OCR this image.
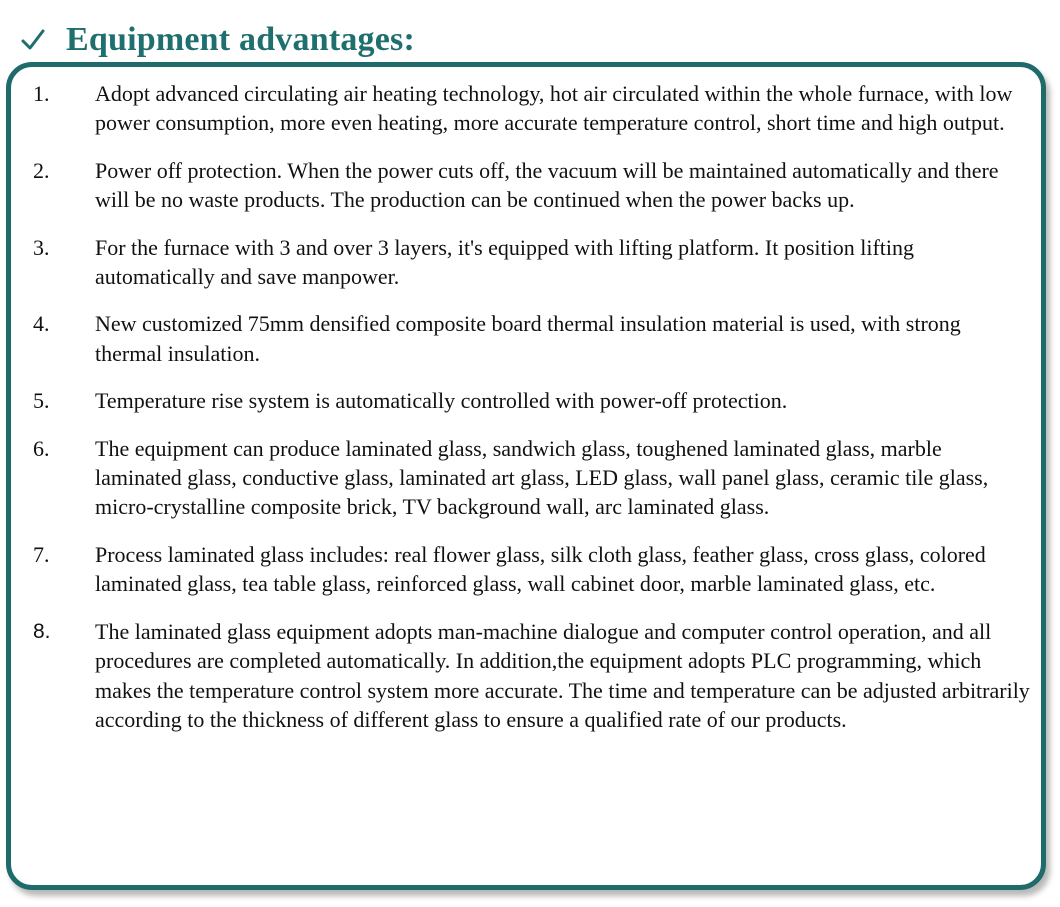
Equipment advantages:
1.	Adopt advanced circulating air heating technology, hot air circulated within the whole furnace, with low power consumption, more even heating, more accurate temperature control, short time and high output.
2.	Power off protection. When the power cuts off, the vacuum will be maintained automatically and there will be no waste products. The production can be continued when the power backs up.
3.	For the furnace with 3 and over 3 layers, it's equipped with lifting platform. It position lifting automatically and save manpower.
4.	New customized 75mm densified composite board thermal insulation material is used, with strong thermal insulation.
5.	Temperature rise system is automatically controlled with power-off protection.
6.	The equipment can produce laminated glass, sandwich glass, toughened laminated glass, marble laminated glass, conductive glass, laminated art glass, LED glass, wall panel glass, ceramic tile glass, micro-crystalline composite brick, TV background wall, arc laminated glass.
7.	Process laminated glass includes: real flower glass, silk cloth glass, feather glass, cross glass, colored laminated glass, tea table glass, reinforced glass, wall cabinet door, marble laminated glass, etc.
8.	The laminated glass equipment adopts man-machine dialogue and computer control operation, and all procedures are completed automatically. In addition,the equipment adopts PLC programming, which makes the temperature control system more accurate. The time and temperature can be adjusted arbitrarily according to the thickness of different glass to ensure a qualified rate of our products.
